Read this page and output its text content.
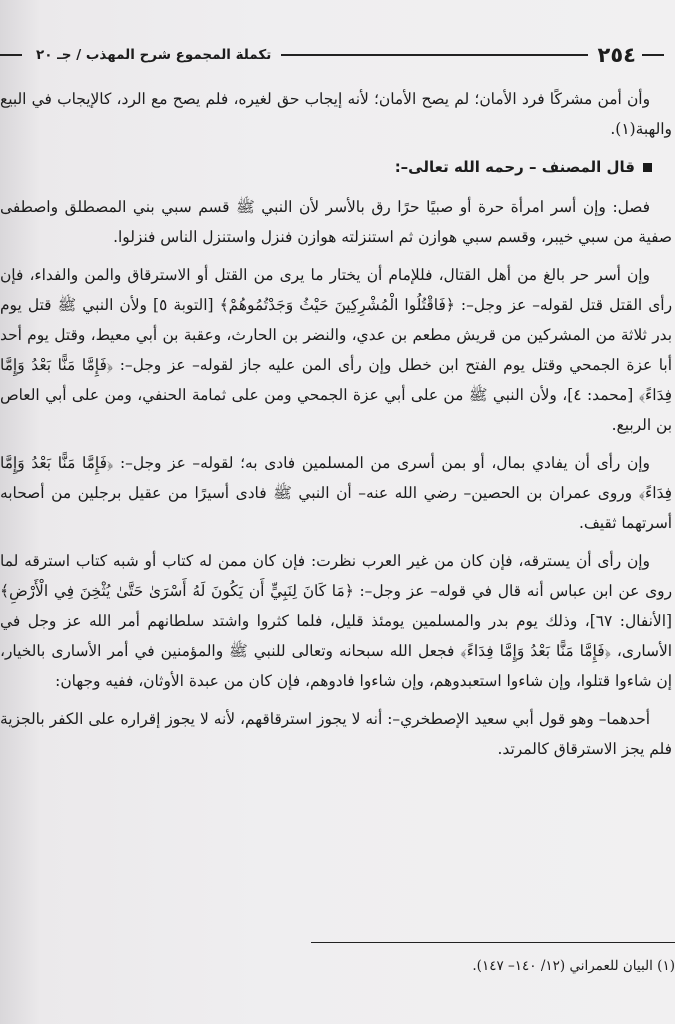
٢٥٤
تكملة المجموع شرح المهذب / جـ ٢٠

وأن أمن مشركًا فرد الأمان؛ لم يصح الأمان؛ لأنه إيجاب حق لغيره، فلم يصح مع الرد، كالإيجاب في البيع والهبة(١).

قال المصنف – رحمه الله تعالى–:

فصل: وإن أسر امرأة حرة أو صبيًا حرًا رق بالأسر لأن النبي ﷺ قسم سبي بني المصطلق واصطفى صفية من سبي خيبر، وقسم سبي هوازن ثم استنزلته هوازن فنزل واستنزل الناس فنزلوا.

وإن أسر حر بالغ من أهل القتال، فللإمام أن يختار ما يرى من القتل أو الاسترقاق والمن والفداء، فإن رأى القتل قتل لقوله– عز وجل–: ﴿فَاقْتُلُوا الْمُشْرِكِينَ حَيْثُ وَجَدْتُمُوهُمْ﴾ [التوبة ٥] ولأن النبي ﷺ قتل يوم بدر ثلاثة من المشركين من قريش مطعم بن عدي، والنضر بن الحارث، وعقبة بن أبي معيط، وقتل يوم أحد أبا عزة الجمحي وقتل يوم الفتح ابن خطل وإن رأى المن عليه جاز لقوله– عز وجل–: ﴿فَإِمَّا مَنًّا بَعْدُ وَإِمَّا فِدَاءً﴾ [محمد: ٤]، ولأن النبي ﷺ من على أبي عزة الجمحي ومن على ثمامة الحنفي، ومن على أبي العاص بن الربيع.

وإن رأى أن يفادي بمال، أو بمن أسرى من المسلمين فادى به؛ لقوله– عز وجل–: ﴿فَإِمَّا مَنًّا بَعْدُ وَإِمَّا فِدَاءً﴾ وروى عمران بن الحصين– رضي الله عنه– أن النبي ﷺ فادى أسيرًا من عقيل برجلين من أصحابه أسرتهما ثقيف.

وإن رأى أن يسترقه، فإن كان من غير العرب نظرت: فإن كان ممن له كتاب أو شبه كتاب استرقه لما روى عن ابن عباس أنه قال في قوله– عز وجل–: ﴿مَا كَانَ لِنَبِيٍّ أَن يَكُونَ لَهُ أَسْرَىٰ حَتَّىٰ يُثْخِنَ فِي الْأَرْضِ﴾ [الأنفال: ٦٧]، وذلك يوم بدر والمسلمين يومئذ قليل، فلما كثروا واشتد سلطانهم أمر الله عز وجل في الأسارى، ﴿فَإِمَّا مَنًّا بَعْدُ وَإِمَّا فِدَاءً﴾ فجعل الله سبحانه وتعالى للنبي ﷺ والمؤمنين في أمر الأسارى بالخيار، إن شاءوا قتلوا، وإن شاءوا استعبدوهم، وإن شاءوا فادوهم، فإن كان من عبدة الأوثان، ففيه وجهان:

أحدهما– وهو قول أبي سعيد الإصطخري–: أنه لا يجوز استرقاقهم، لأنه لا يجوز إقراره على الكفر بالجزية فلم يجز الاسترقاق كالمرتد.

(١) البيان للعمراني (١٢/ ١٤٠– ١٤٧).
